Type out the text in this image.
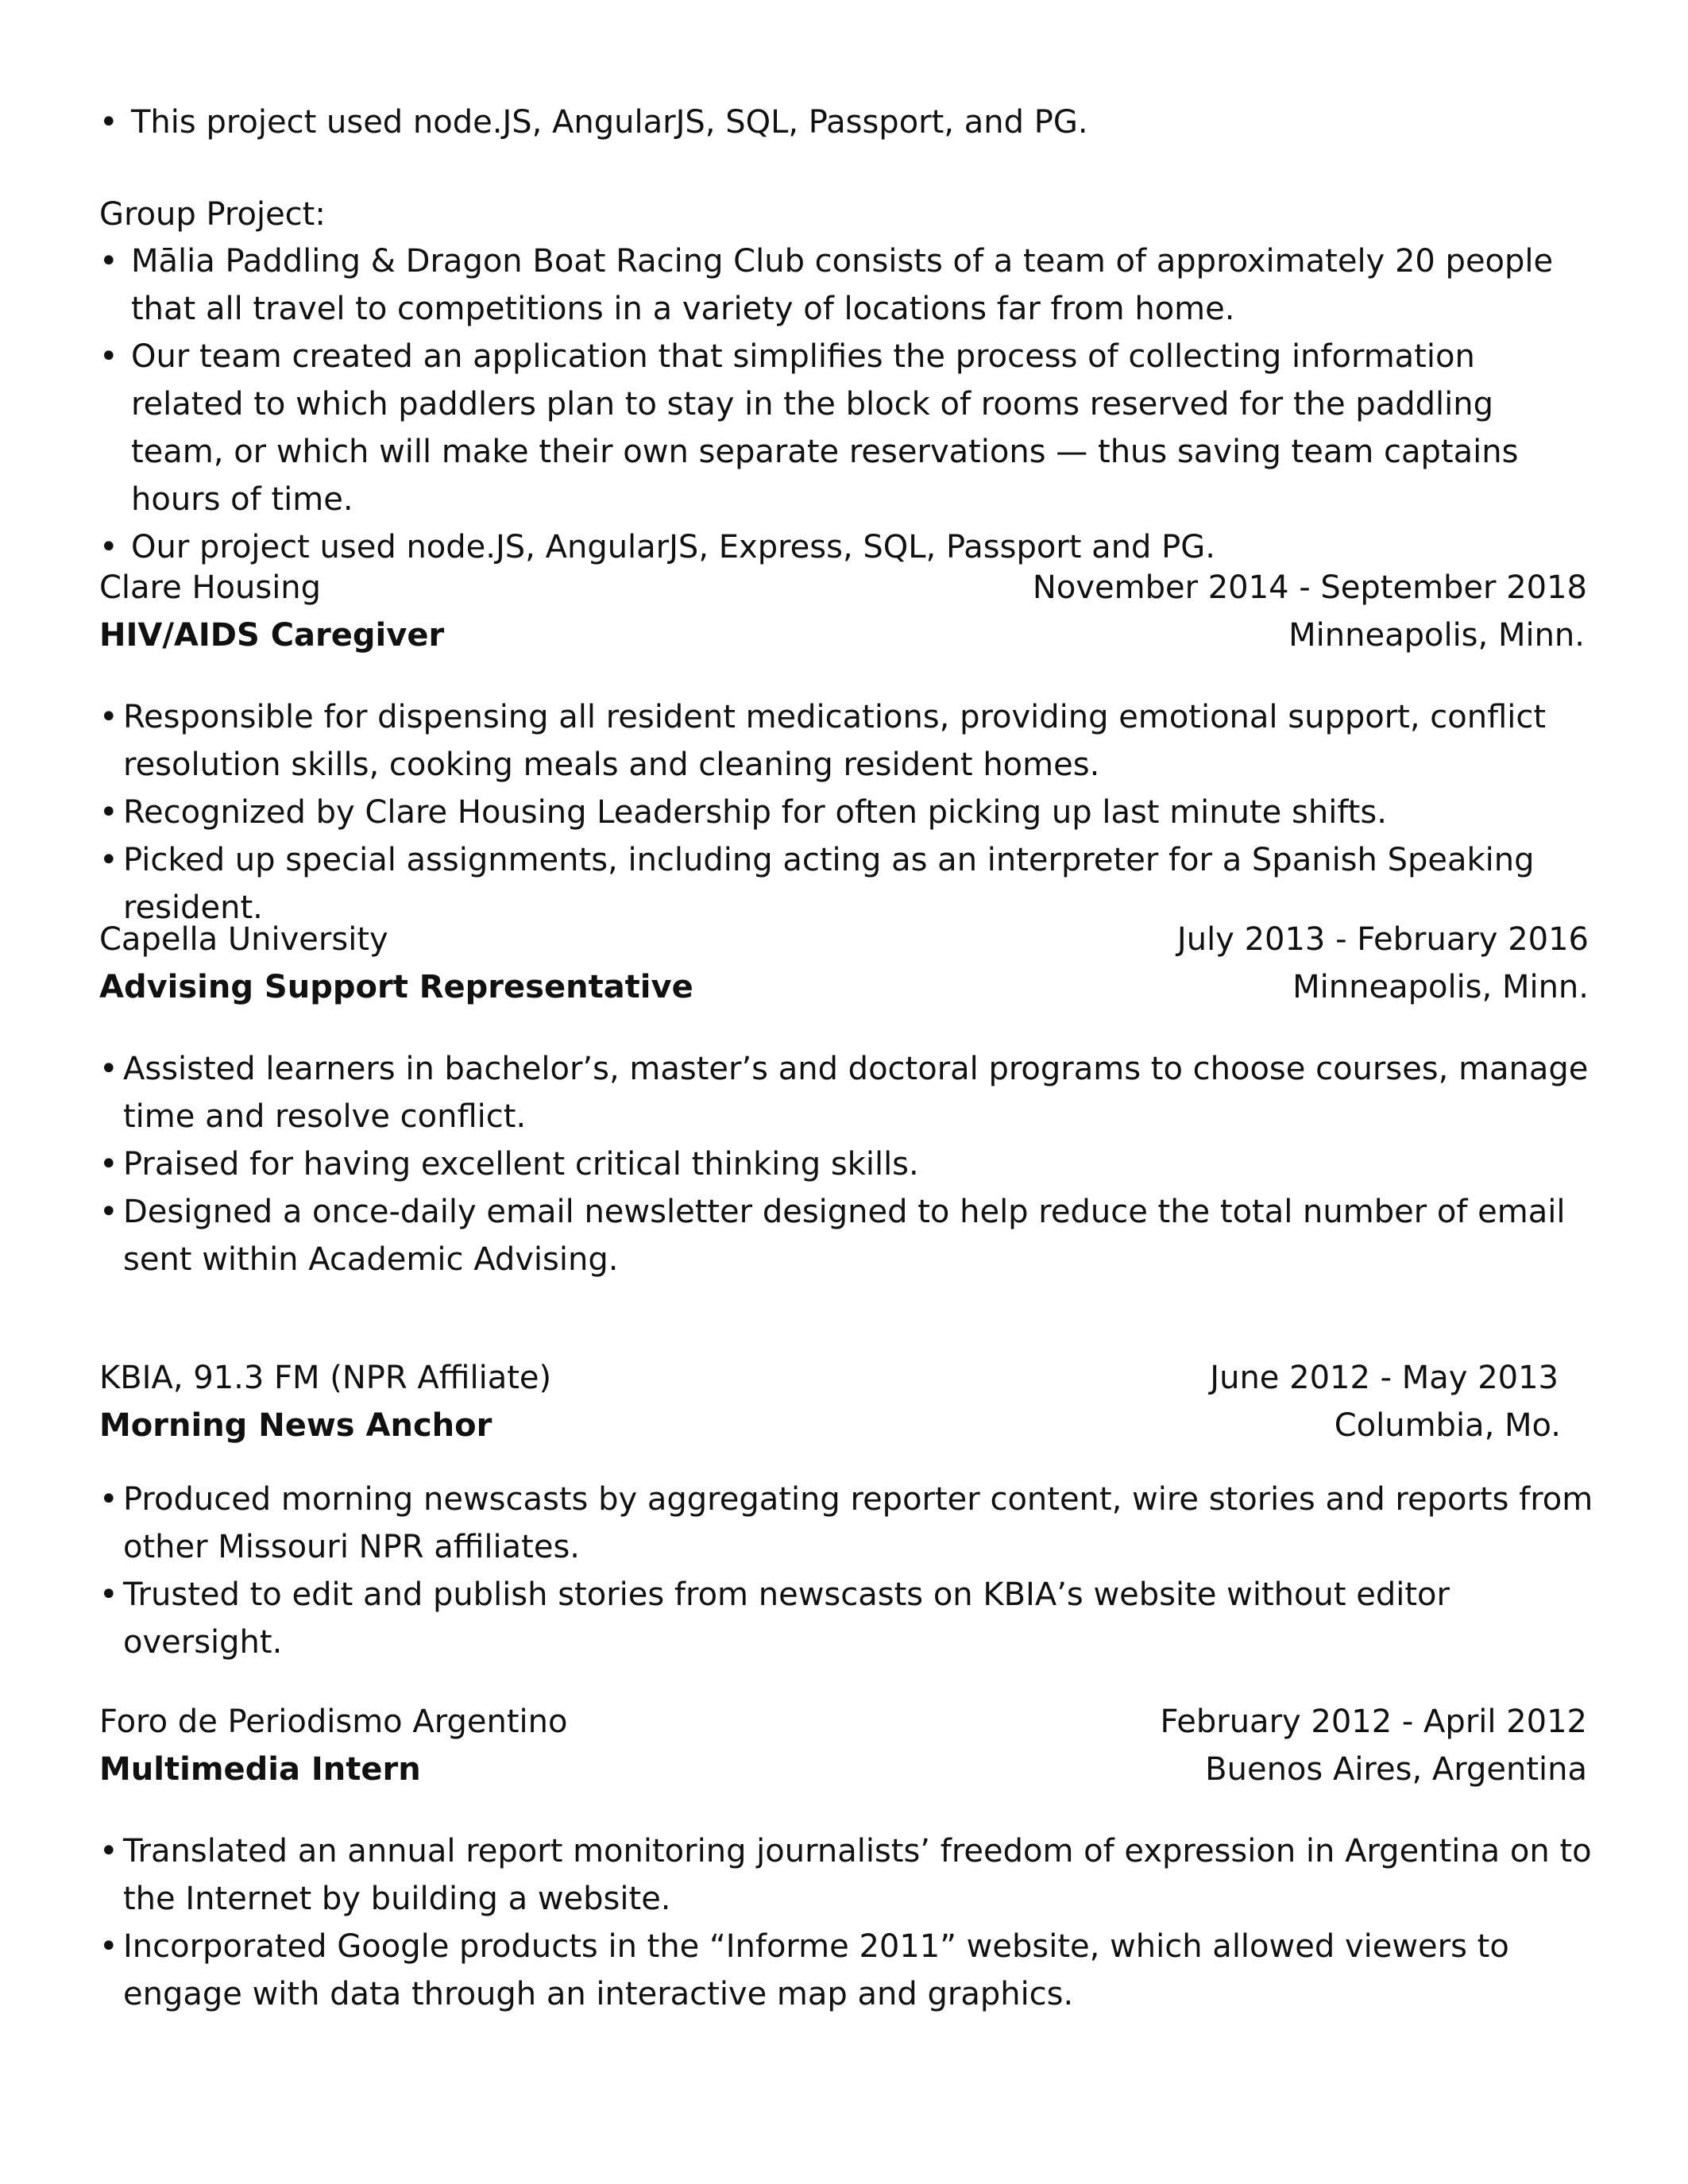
• This project used node.JS, AngularJS, SQL, Passport, and PG.
Group Project:
• Mālia Paddling & Dragon Boat Racing Club consists of a team of approximately 20 people that all travel to competitions in a variety of locations far from home.
• Our team created an application that simplifies the process of collecting information related to which paddlers plan to stay in the block of rooms reserved for the paddling team, or which will make their own separate reservations — thus saving team captains hours of time.
• Our project used node.JS, AngularJS, Express, SQL, Passport and PG.
Clare Housing	November 2014 - September 2018
HIV/AIDS Caregiver	Minneapolis, Minn.
• Responsible for dispensing all resident medications, providing emotional support, conflict resolution skills, cooking meals and cleaning resident homes.
• Recognized by Clare Housing Leadership for often picking up last minute shifts.
• Picked up special assignments, including acting as an interpreter for a Spanish Speaking resident.
Capella University	July 2013 - February 2016
Advising Support Representative	Minneapolis, Minn.
• Assisted learners in bachelor’s, master’s and doctoral programs to choose courses, manage time and resolve conflict.
• Praised for having excellent critical thinking skills.
• Designed a once-daily email newsletter designed to help reduce the total number of email sent within Academic Advising.
KBIA, 91.3 FM (NPR Affiliate)	June 2012 - May 2013
Morning News Anchor	Columbia, Mo.
• Produced morning newscasts by aggregating reporter content, wire stories and reports from other Missouri NPR affiliates.
• Trusted to edit and publish stories from newscasts on KBIA’s website without editor oversight.
Foro de Periodismo Argentino	February 2012 - April 2012
Multimedia Intern	Buenos Aires, Argentina
• Translated an annual report monitoring journalists’ freedom of expression in Argentina on to the Internet by building a website.
• Incorporated Google products in the “Informe 2011” website, which allowed viewers to engage with data through an interactive map and graphics.
